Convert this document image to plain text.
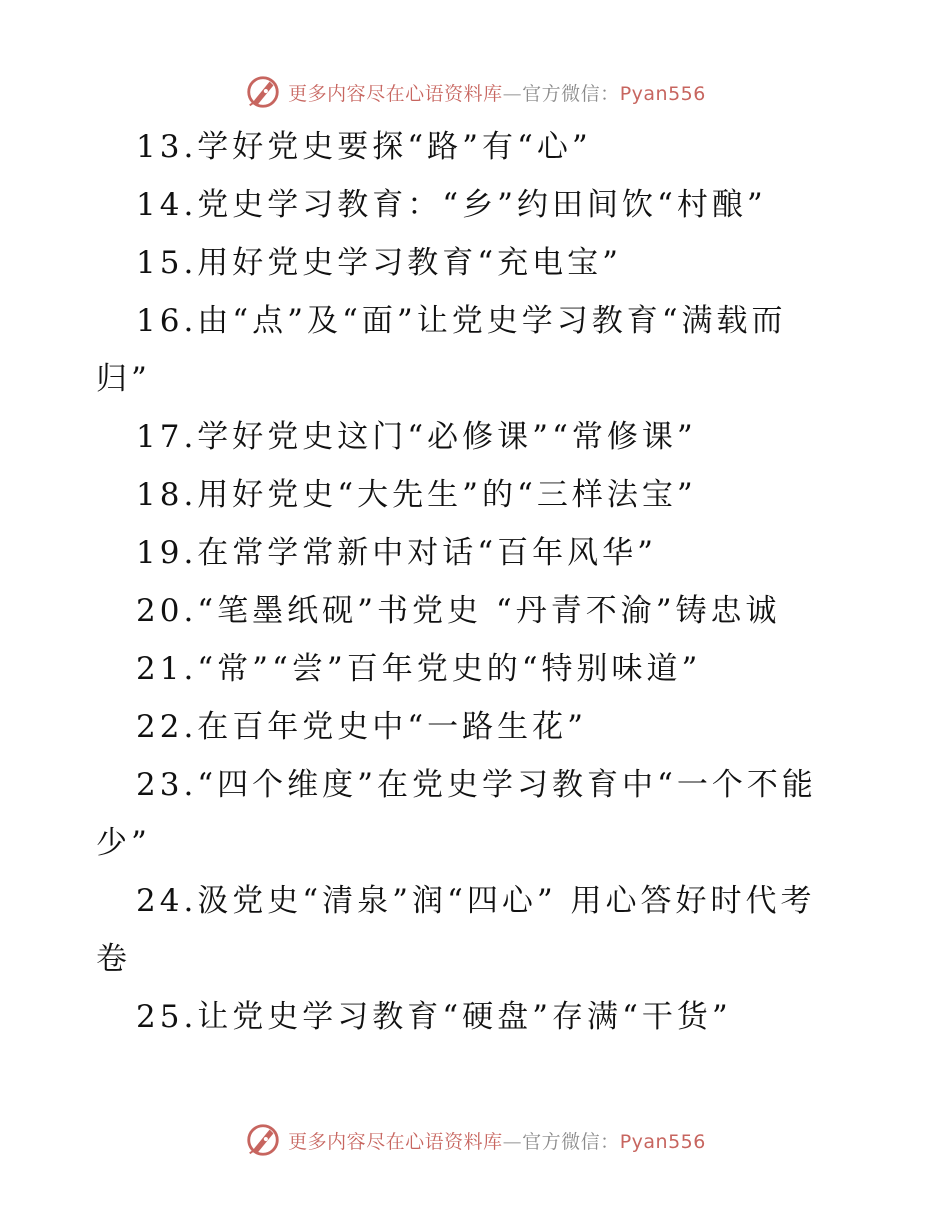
更多内容尽在心语资料库—官方微信：Pyan556

13.学好党史要探“路”有“心”

14.党史学习教育：“乡”约田间饮“村酿”

15.用好党史学习教育“充电宝”

16.由“点”及“面”让党史学习教育“满载而

归”

17.学好党史这门“必修课”“常修课”

18.用好党史“大先生”的“三样法宝”

19.在常学常新中对话“百年风华”

20.“笔墨纸砚”书党史 “丹青不渝”铸忠诚

21.“常”“尝”百年党史的“特别味道”

22.在百年党史中“一路生花”

23.“四个维度”在党史学习教育中“一个不能

少”

24.汲党史“清泉”润“四心” 用心答好时代考

卷

25.让党史学习教育“硬盘”存满“干货”

更多内容尽在心语资料库—官方微信：Pyan556
